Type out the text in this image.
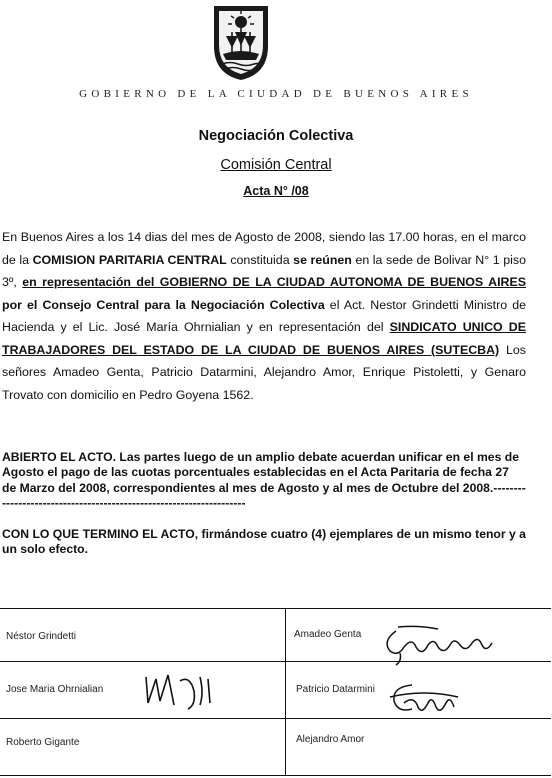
GOBIERNO DE LA CIUDAD DE BUENOS AIRES
Negociación Colectiva
Comisión Central
Acta N° /08
En Buenos Aires a los 14 dias del mes de Agosto de 2008, siendo las 17.00 horas, en el marco de la COMISION PARITARIA CENTRAL constituida se reúnen en la sede de Bolivar N° 1 piso 3º, en representación del GOBIERNO DE LA CIUDAD AUTONOMA DE BUENOS AIRES por el Consejo Central para la Negociación Colectiva el Act. Nestor Grindetti Ministro de Hacienda y el Lic. José María Ohrnialian y en representación del SINDICATO UNICO DE TRABAJADORES DEL ESTADO DE LA CIUDAD DE BUENOS AIRES (SUTECBA) Los señores Amadeo Genta, Patricio Datarmini, Alejandro Amor, Enrique Pistoletti, y Genaro Trovato con domicilio en Pedro Goyena 1562.
ABIERTO EL ACTO. Las partes luego de un amplio debate acuerdan unificar en el mes de Agosto el pago de las cuotas porcentuales establecidas en el Acta Paritaria de fecha 27 de Marzo del 2008, correspondientes al mes de Agosto y al mes de Octubre del 2008.--------------------------------------------------------------------
CON LO QUE TERMINO EL ACTO, firmándose cuatro (4) ejemplares de un mismo tenor y a un solo efecto.
Néstor Grindetti
Jose Maria Ohrnialian
Roberto Gigante
Amadeo Genta
Patricio Datarmini
Alejandro Amor
